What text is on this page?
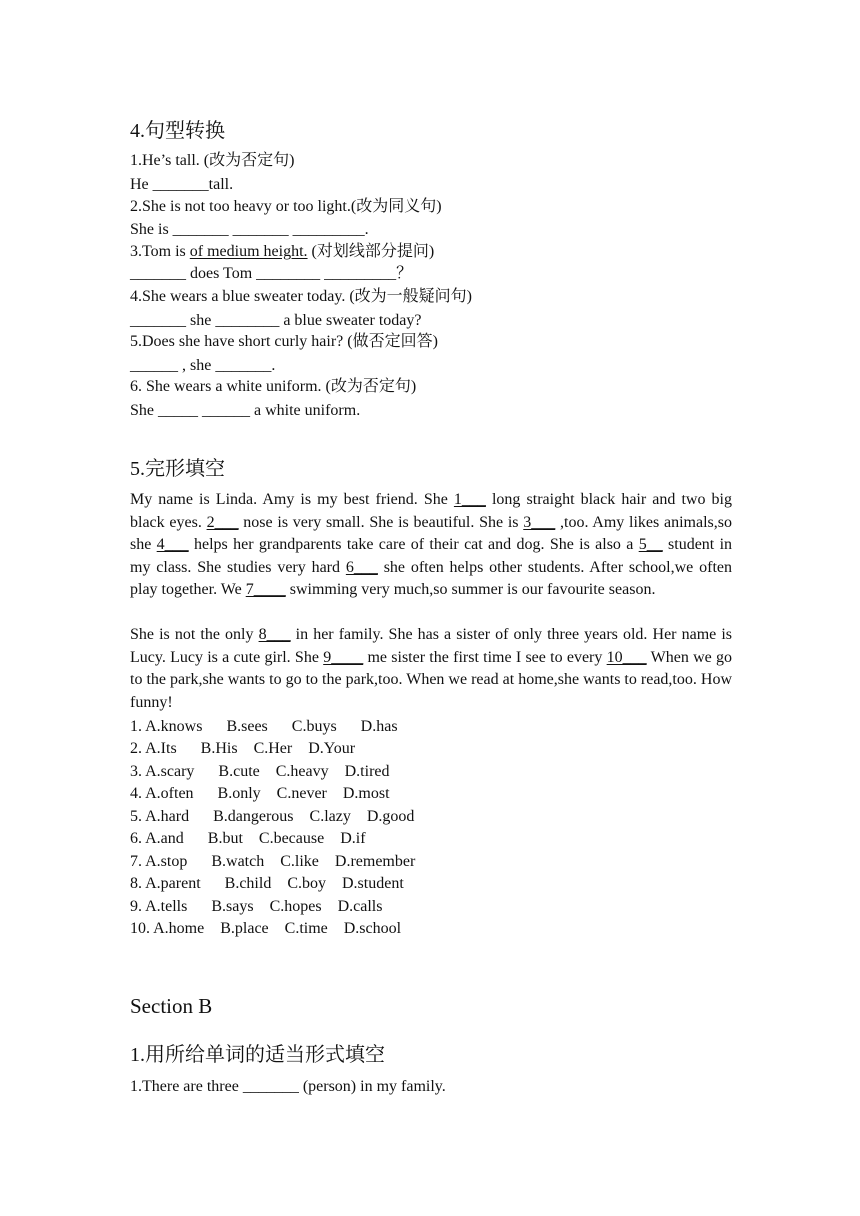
4.句型转换
1.He’s tall. (改为否定句)
He _______tall.
2.She is not too heavy or too light.(改为同义句)
She is _______ _______ _________.
3.Tom is of medium height. (对划线部分提问)
_______ does Tom ________ _________？
4.She wears a blue sweater today. (改为一般疑问句)
_______ she ________ a blue sweater today?
5.Does she have short curly hair? (做否定回答)
______ , she _______.
6. She wears a white uniform. (改为否定句)
She _____ ______ a white uniform.
5.完形填空
My name is Linda. Amy is my best friend. She 1___ long straight black hair and two big black eyes. 2___ nose is very small. She is beautiful. She is 3___ ,too. Amy likes animals,so she 4___ helps her grandparents take care of their cat and dog. She is also a 5__ student in my class. She studies very hard 6___ she often helps other students. After school,we often play together. We 7____ swimming very much,so summer is our favourite season.
She is not the only 8___ in her family. She has a sister of only three years old. Her name is Lucy. Lucy is a cute girl. She 9____ me sister the first time I see to every 10___ When we go to the park,she wants to go to the park,too. When we read at home,she wants to read,too. How funny!
1. A.knows      B.sees      C.buys      D.has
2. A.Its      B.His    C.Her    D.Your
3. A.scary      B.cute    C.heavy    D.tired
4. A.often      B.only    C.never    D.most
5. A.hard      B.dangerous    C.lazy    D.good
6. A.and      B.but    C.because    D.if
7. A.stop      B.watch    C.like    D.remember
8. A.parent      B.child    C.boy    D.student
9. A.tells      B.says    C.hopes    D.calls
10. A.home    B.place    C.time    D.school
Section B
1.用所给单词的适当形式填空
1.There are three _______ (person) in my family.
